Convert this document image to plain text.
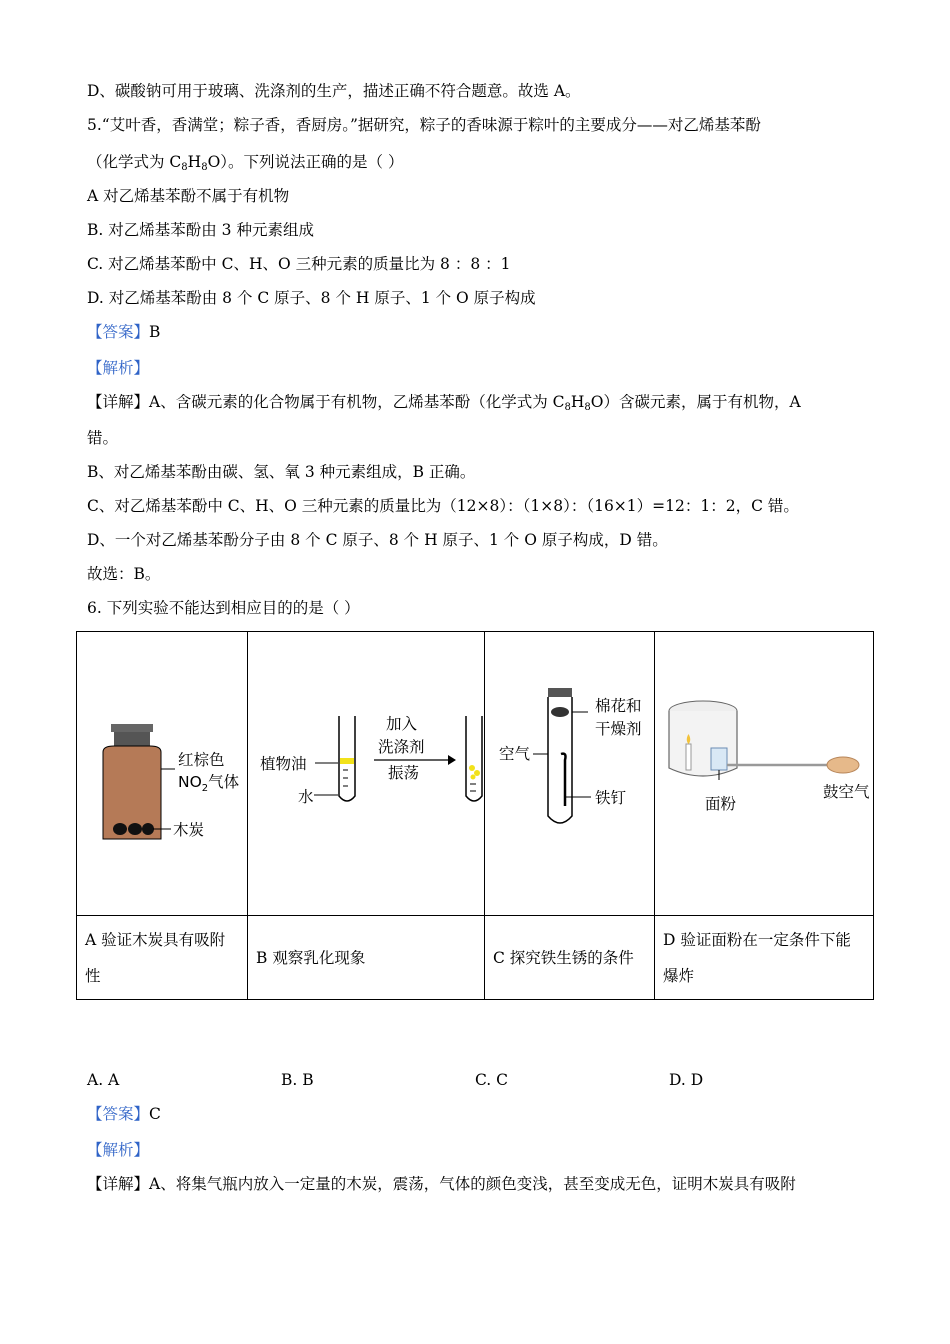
D、碳酸钠可用于玻璃、洗涤剂的生产，描述正确不符合题意。故选 A。
5.“艾叶香，香满堂；粽子香，香厨房。”据研究，粽子的香味源于粽叶的主要成分——对乙烯基苯酚
（化学式为 $C_8H_8O$）。下列说法正确的是（ ）
A 对乙烯基苯酚不属于有机物
B. 对乙烯基苯酚由 3 种元素组成
C. 对乙烯基苯酚中 C、H、O 三种元素的质量比为 8 ：8 ：1
D. 对乙烯基苯酚由 8 个 C 原子、8 个 H 原子、1 个 O 原子构成
【答案】B
【解析】
【详解】A、含碳元素的化合物属于有机物，乙烯基苯酚（化学式为 $C_8H_8O$）含碳元素，属于有机物，A
错。
B、对乙烯基苯酚由碳、氢、氧 3 种元素组成，B 正确。
C、对乙烯基苯酚中 C、H、O 三种元素的质量比为（12×8）：（1×8）：（16×1）=12：1：2，C 错。
D、一个对乙烯基苯酚分子由 8 个 C 原子、8 个 H 原子、1 个 O 原子构成，D 错。
故选：B。
6. 下列实验不能达到相应目的的是（ ）
红棕色
$NO_2$气体
木炭	植物油
水
加入
洗涤剂
振荡	棉花和
干燥剂
空气
铁钉	面粉
鼓空气

A 验证木炭具有吸附性	B 观察乳化现象	C 探究铁生锈的条件	D 验证面粉在一定条件下能爆炸
A. A	B. B	C. C	D. D
【答案】C
【解析】
【详解】A、将集气瓶内放入一定量的木炭，震荡，气体的颜色变浅，甚至变成无色，证明木炭具有吸附
